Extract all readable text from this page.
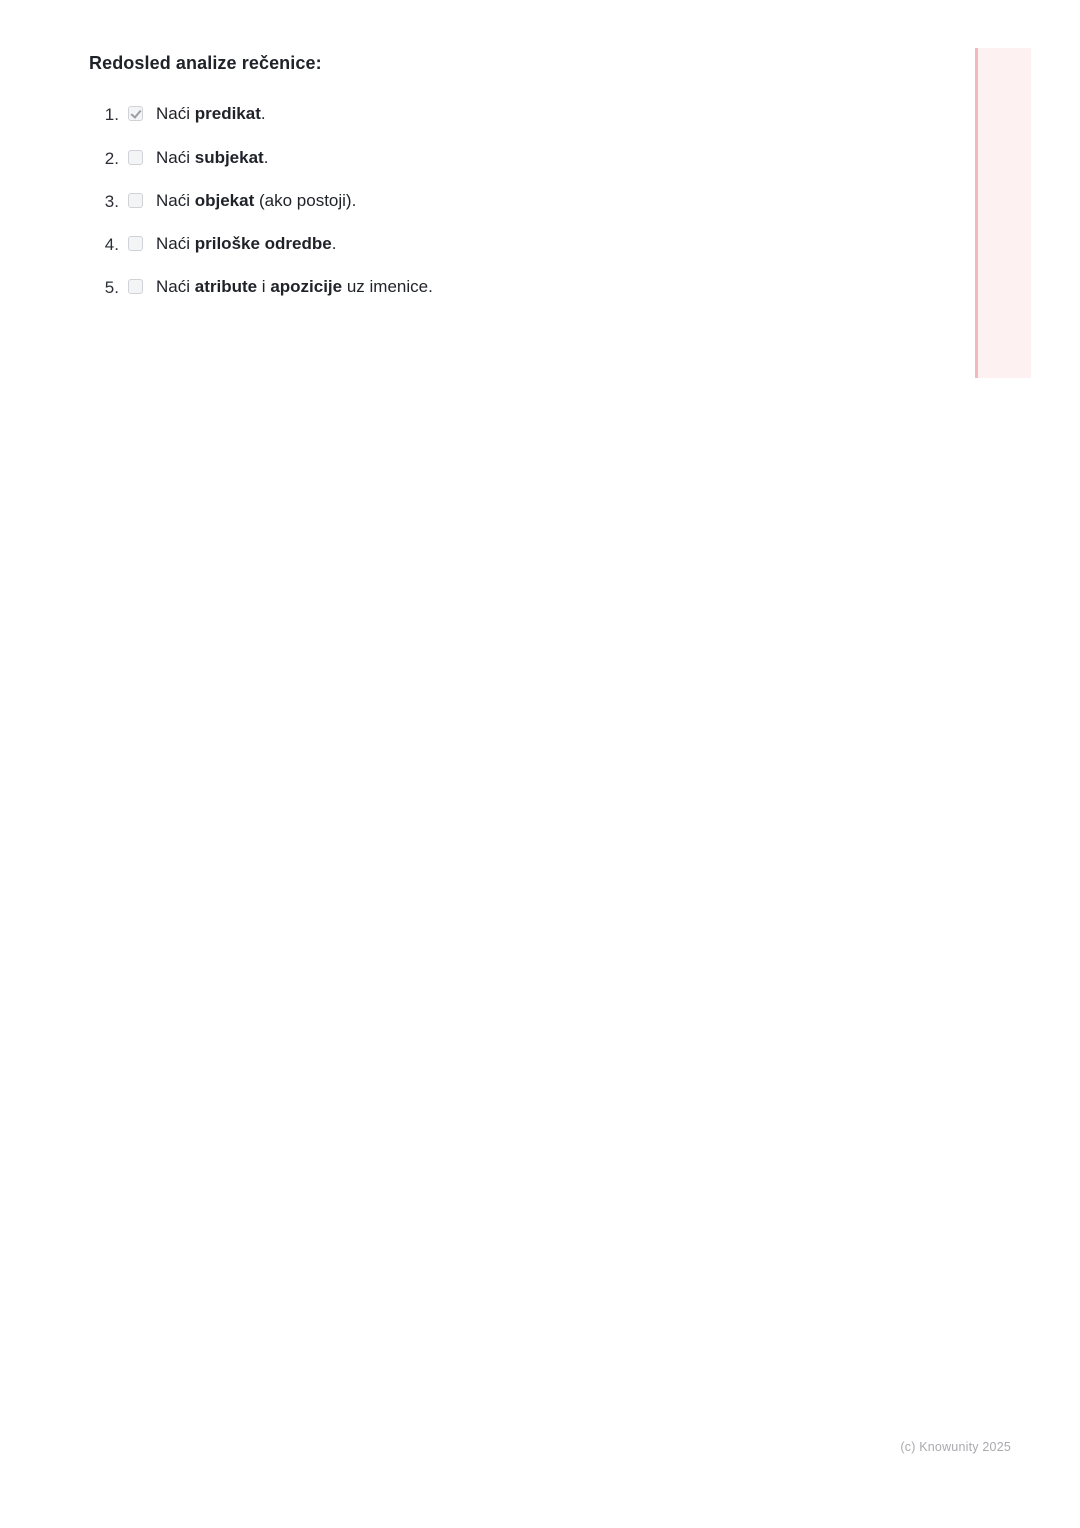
Redosled analize rečenice:
Naći predikat.
Naći subjekat.
Naći objekat (ako postoji).
Naći priloške odredbe.
Naći atribute i apozicije uz imenice.
(c) Knowunity 2025
